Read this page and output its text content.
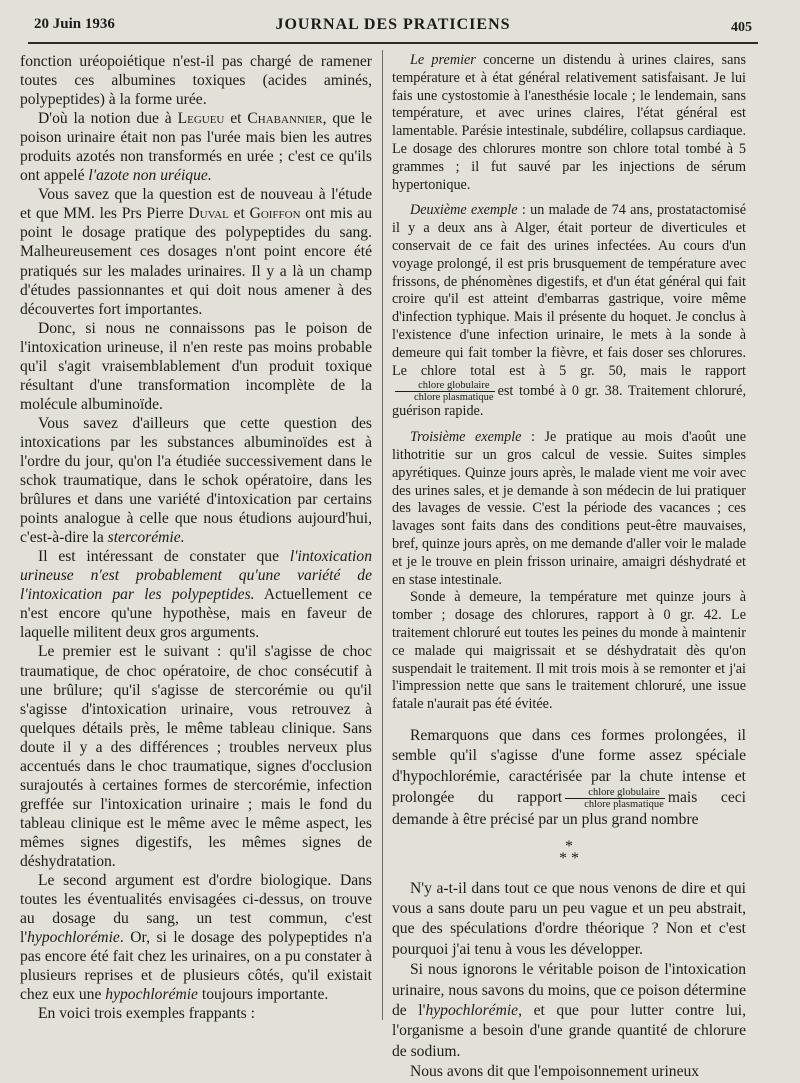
20 Juin 1936	JOURNAL DES PRATICIENS	405

fonction uréopoiétique n'est-il pas chargé de ramener toutes ces albumines toxiques (acides aminés, polypeptides) à la forme urée.

D'où la notion due à Legueu et Chabannier, que le poison urinaire était non pas l'urée mais bien les autres produits azotés non transformés en urée ; c'est ce qu'ils ont appelé l'azote non uréique.

Vous savez que la question est de nouveau à l'étude et que MM. les Prs Pierre Duval et Goiffon ont mis au point le dosage pratique des polypeptides du sang. Malheureusement ces dosages n'ont point encore été pratiqués sur les malades urinaires. Il y a là un champ d'études passionnantes et qui doit nous amener à des découvertes fort importantes.

Donc, si nous ne connaissons pas le poison de l'intoxication urineuse, il n'en reste pas moins probable qu'il s'agit vraisemblablement d'un produit toxique résultant d'une transformation incomplète de la molécule albuminoïde.

Vous savez d'ailleurs que cette question des intoxications par les substances albuminoïdes est à l'ordre du jour, qu'on l'a étudiée successivement dans le schok traumatique, dans le schok opératoire, dans les brûlures et dans une variété d'intoxication par certains points analogue à celle que nous étudions aujourd'hui, c'est-à-dire la stercorémie.

Il est intéressant de constater que l'intoxication urineuse n'est probablement qu'une variété de l'intoxication par les polypeptides. Actuellement ce n'est encore qu'une hypothèse, mais en faveur de laquelle militent deux gros arguments.

Le premier est le suivant : qu'il s'agisse de choc traumatique, de choc opératoire, de choc consécutif à une brûlure; qu'il s'agisse de stercorémie ou qu'il s'agisse d'intoxication urinaire, vous retrouvez à quelques détails près, le même tableau clinique. Sans doute il y a des différences ; troubles nerveux plus accentués dans le choc traumatique, signes d'occlusion surajoutés à certaines formes de stercorémie, infection greffée sur l'intoxication urinaire ; mais le fond du tableau clinique est le même avec le même aspect, les mêmes signes digestifs, les mêmes signes de déshydratation.

Le second argument est d'ordre biologique. Dans toutes les éventualités envisagées ci-dessus, on trouve au dosage du sang, un test commun, c'est l'hypochlorémie. Or, si le dosage des polypeptides n'a pas encore été fait chez les urinaires, on a pu constater à plusieurs reprises et de plusieurs côtés, qu'il existait chez eux une hypochlorémie toujours importante.

En voici trois exemples frappants :

Le premier concerne un distendu à urines claires, sans température et à état général relativement satisfaisant. Je lui fais une cystostomie à l'anesthésie locale ; le lendemain, sans température, et avec urines claires, l'état général est lamentable. Parésie intestinale, subdélire, collapsus cardiaque. Le dosage des chlorures montre son chlore total tombé à 5 grammes ; il fut sauvé par les injections de sérum hypertonique.

Deuxième exemple : un malade de 74 ans, prostatactomisé il y a deux ans à Alger, était porteur de diverticules et conservait de ce fait des urines infectées. Au cours d'un voyage prolongé, il est pris brusquement de température avec frissons, de phénomènes digestifs, et d'un état général qui fait croire qu'il est atteint d'embarras gastrique, voire même d'infection typhique. Mais il présente du hoquet. Je conclus à l'existence d'une infection urinaire, le mets à la sonde à demeure qui fait tomber la fièvre, et fais doser ses chlorures. Le chlore total est à 5 gr. 50, mais le rapport
$\frac{\text{chlore globulaire}}{\text{chlore plasmatique}}$ est tombé à 0 gr. 38. Traitement chloruré, guérison rapide.

Troisième exemple : Je pratique au mois d'août une lithotritie sur un gros calcul de vessie. Suites simples apyrétiques. Quinze jours après, le malade vient me voir avec des urines sales, et je demande à son médecin de lui pratiquer des lavages de vessie. C'est la période des vacances ; ces lavages sont faits dans des conditions peut-être mauvaises, bref, quinze jours après, on me demande d'aller voir le malade et je le trouve en plein frisson urinaire, amaigri déshydraté et en stase intestinale.

Sonde à demeure, la température met quinze jours à tomber ; dosage des chlorures, rapport à 0 gr. 42. Le traitement chloruré eut toutes les peines du monde à maintenir ce malade qui maigrissait et se déshydratait dès qu'on suspendait le traitement. Il mit trois mois à se remonter et j'ai l'impression nette que sans le traitement chloruré, une issue fatale n'aurait pas été évitée.

Remarquons que dans ces formes prolongées, il semble qu'il s'agisse d'une forme assez spéciale d'hypochlorémie, caractérisée par la chute intense et prolongée du rapport $\frac{\text{chlore globulaire}}{\text{chlore plasmatique}}$ mais ceci demande à être précisé par un plus grand nombre

*
* *

N'y a-t-il dans tout ce que nous venons de dire et qui vous a sans doute paru un peu vague et un peu abstrait, que des spéculations d'ordre théorique ? Non et c'est pourquoi j'ai tenu à vous les développer.

Si nous ignorons le véritable poison de l'intoxication urinaire, nous savons du moins, que ce poison détermine de l'hypochlorémie, et que pour lutter contre lui, l'organisme a besoin d'une grande quantité de chlorure de sodium.

Nous avons dit que l'empoisonnement urineux
